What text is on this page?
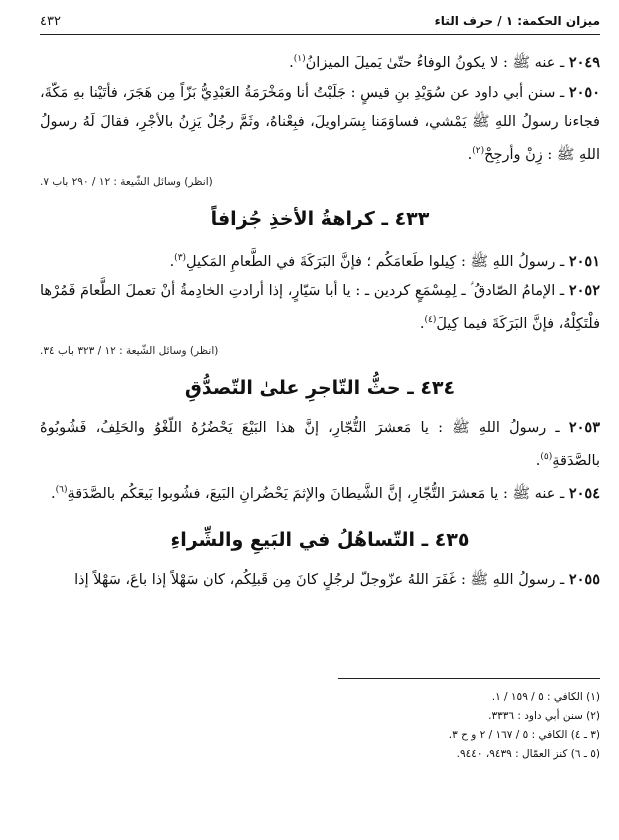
ميزان الحكمة: ١ / حرف التاء
٤٣٢

٢٠٤٩ ـ عنه ﷺ : لا يكونُ الوفاءُ حتّىٰ يَميلَ الميزانُ$^{(١)}$.

٢٠٥٠ ـ سنن أبي داود عن سُوَيْدِ بنِ قيسٍ : جَلَبْتُ أنا ومَخْرَمَةُ العَبْدِيُّ بَزّاً مِن هَجَرَ، فأتَيْنا بهِ مَكّةَ، فجاءنا رسولُ اللهِ ﷺ يَمْشي، فساوَمَنا بِسَراويلَ، فبِعْناهُ، وثَمَّ رجُلٌ يَزِنُ بالأجْرِ، فقالَ لَهُ رسولُ اللهِ ﷺ : زِنْ وأرجِحْ$^{(٢)}$.

(انظر) وسائل الشّيعة : ١٢ / ٢٩٠ باب ٧.
٤٣٣ ـ كراهةُ الأخذِ جُزافاً

٢٠٥١ ـ رسولُ اللهِ ﷺ : كِيلوا طَعامَكُم ؛ فإنَّ البَرَكَةَ في الطَّعامِ المَكيلِ$^{(٣)}$.

٢٠٥٢ ـ الإمامُ الصّادقُ ؑ ـ لِمِسْمَعٍ كردين ـ : يا أبا سَيّارٍ، إذا أرادتِ الخادِمةُ أنْ تعملَ الطَّعامَ فَمُرْها فلْتَكِلْهُ، فإنَّ البَرَكَةَ فيما كِيلَ$^{(٤)}$.

(انظر) وسائل الشّيعة : ١٢ / ٣٢٣ باب ٣٤.
٤٣٤ ـ حثُّ التّاجرِ علىٰ التّصدُّقِ

٢٠٥٣ ـ رسولُ اللهِ ﷺ : يا مَعشرَ التُّجّارِ، إنَّ هذا البَيْعَ يَحْضُرُهُ اللّغْوُ والحَلِفُ، فَشُوبُوهُ بالصَّدَقةِ$^{(٥)}$.

٢٠٥٤ ـ عنه ﷺ : يا مَعشرَ التُّجّارِ، إنَّ الشَّيطانَ والإثمَ يَحْضُرانِ البَيعَ، فشُوبوا بَيعَكُم بالصَّدَقةِ$^{(٦)}$.

٤٣٥ ـ التّساهُلُ في البَيعِ والشِّراءِ

٢٠٥٥ ـ رسولُ اللهِ ﷺ : غَفَرَ اللهُ عزّوجلّ لرجُلٍ كانَ مِن قَبلِكُم، كان سَهْلاً إذا باعَ، سَهْلاً إذا

(١) الكافي : ٥ / ١٥٩ / ١.
(٢) سنن أبي داود : ٣٣٣٦.
(٣ ـ ٤) الكافي : ٥ / ١٦٧ / ٢ و ح ٣.
(٥ ـ ٦) كنز العمّال : ٩٤٣٩، ٩٤٤٠.
